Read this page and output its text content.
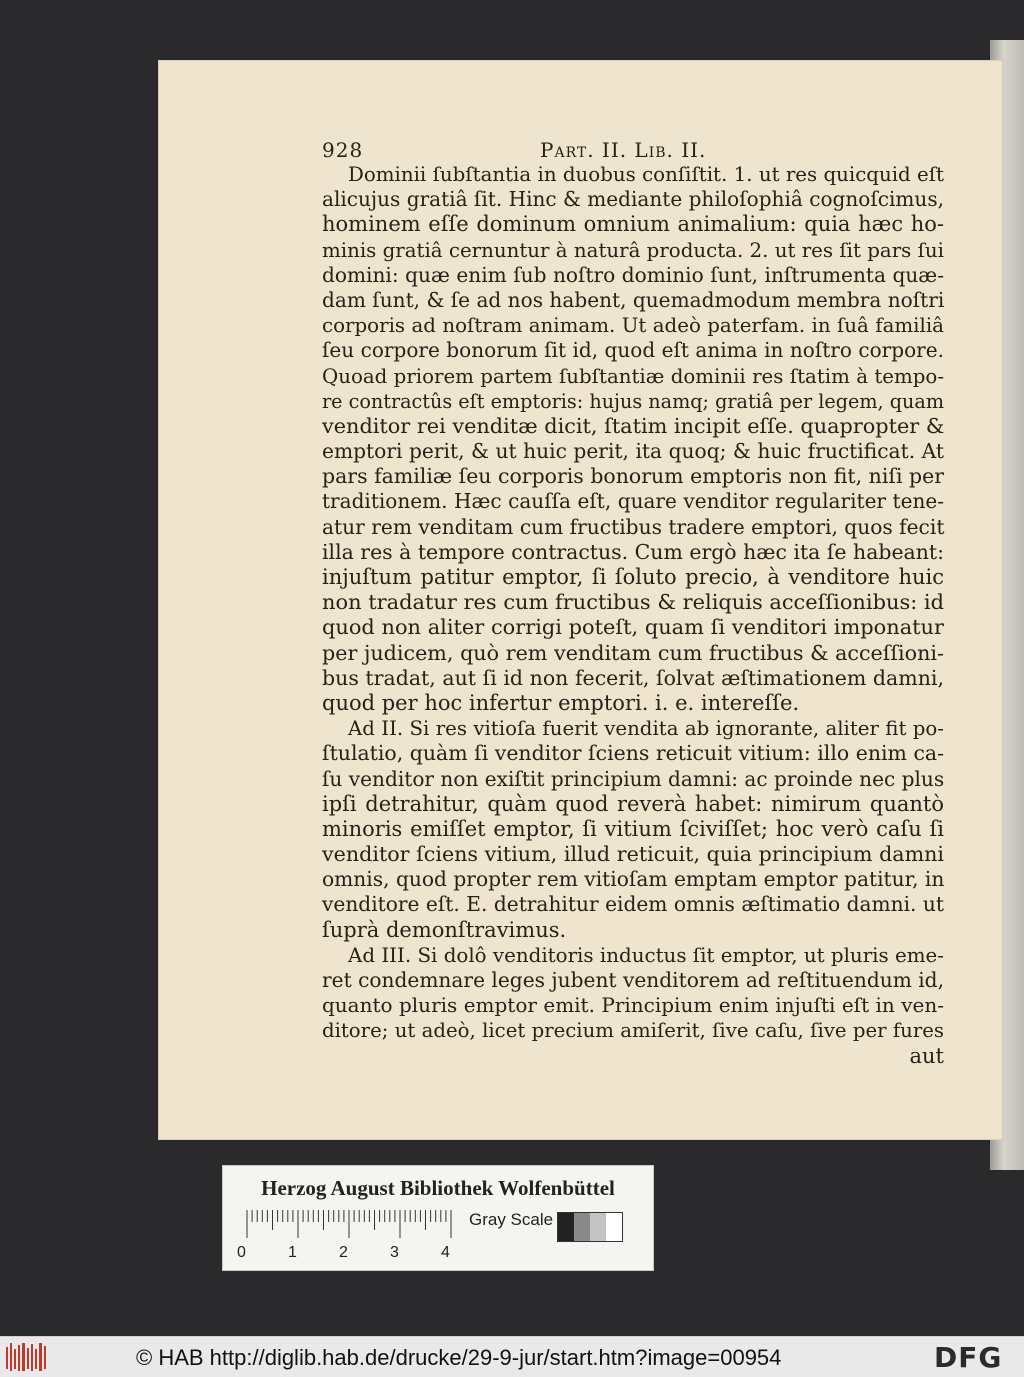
928	Part. II. Lib. II.
Dominii ſubſtantia in duobus conſiſtit. 1. ut res quicquid eſt
alicujus gratiâ ſit. Hinc & mediante philoſophiâ cognoſcimus,
hominem eſſe dominum omnium animalium: quia hæc ho-
minis gratiâ cernuntur à naturâ producta. 2. ut res ſit pars ſui
domini: quæ enim ſub noſtro dominio ſunt, inſtrumenta quæ-
dam ſunt, & ſe ad nos habent, quemadmodum membra noſtri
corporis ad noſtram animam. Ut adeò paterfam. in ſuâ familiâ
ſeu corpore bonorum ſit id, quod eſt anima in noſtro corpore.
Quoad priorem partem ſubſtantiæ dominii res ſtatim à tempo-
re contractûs eſt emptoris: hujus namq; gratiâ per legem, quam
venditor rei venditæ dicit, ſtatim incipit eſſe. quapropter &
emptori perit, & ut huic perit, ita quoq; & huic fructificat. At
pars familiæ ſeu corporis bonorum emptoris non fit, niſi per
traditionem. Hæc cauſſa eſt, quare venditor regulariter tene-
atur rem venditam cum fructibus tradere emptori, quos fecit
illa res à tempore contractus. Cum ergò hæc ita ſe habeant:
injuſtum patitur emptor, ſi ſoluto precio, à venditore huic
non tradatur res cum fructibus & reliquis acceſſionibus: id
quod non aliter corrigi poteſt, quam ſi venditori imponatur
per judicem, quò rem venditam cum fructibus & acceſſioni-
bus tradat, aut ſi id non fecerit, ſolvat æſtimationem damni,
quod per hoc infertur emptori. i. e. intereſſe.
Ad II. Si res vitioſa fuerit vendita ab ignorante, aliter fit po-
ſtulatio, quàm ſi venditor ſciens reticuit vitium: illo enim ca-
ſu venditor non exiſtit principium damni: ac proinde nec plus
ipſi detrahitur, quàm quod reverà habet: nimirum quantò
minoris emiſſet emptor, ſi vitium ſciviſſet; hoc verò caſu ſi
venditor ſciens vitium, illud reticuit, quia principium damni
omnis, quod propter rem vitioſam emptam emptor patitur, in
venditore eſt. E. detrahitur eidem omnis æſtimatio damni. ut
ſuprà demonſtravimus.
Ad III. Si dolô venditoris inductus ſit emptor, ut pluris eme-
ret condemnare leges jubent venditorem ad reſtituendum id,
quanto pluris emptor emit. Principium enim injuſti eſt in ven-
ditore; ut adeò, licet precium amiſerit, ſive caſu, ſive per fures
aut
Herzog August Bibliothek Wolfenbüttel
0	1	2	3	4
Gray Scale
© HAB http://diglib.hab.de/drucke/29-9-jur/start.htm?image=00954	DFG
